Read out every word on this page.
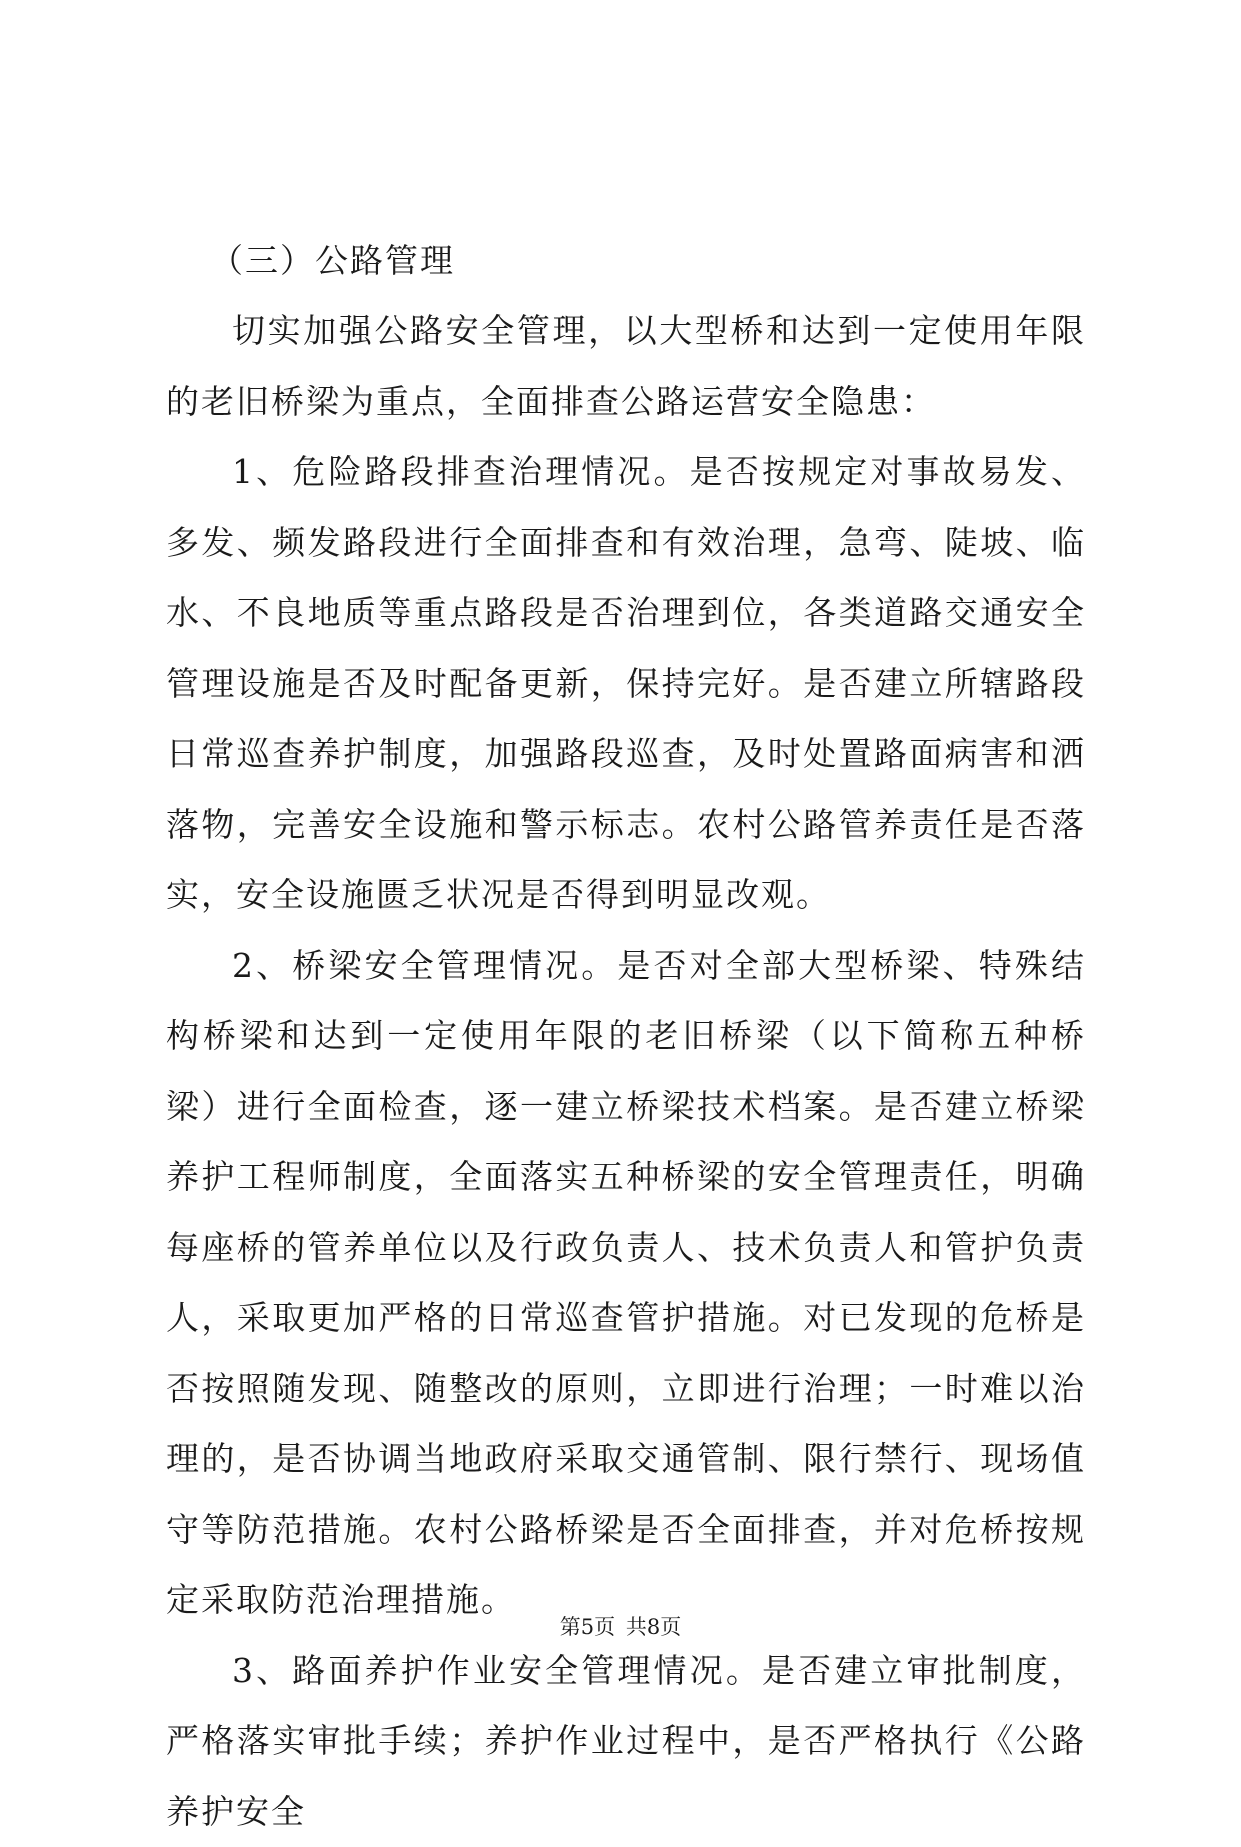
（三）公路管理

切实加强公路安全管理，以大型桥和达到一定使用年限的老旧桥梁为重点，全面排查公路运营安全隐患：

1、危险路段排查治理情况。是否按规定对事故易发、多发、频发路段进行全面排查和有效治理，急弯、陡坡、临水、不良地质等重点路段是否治理到位，各类道路交通安全管理设施是否及时配备更新，保持完好。是否建立所辖路段日常巡查养护制度，加强路段巡查，及时处置路面病害和洒落物，完善安全设施和警示标志。农村公路管养责任是否落实，安全设施匮乏状况是否得到明显改观。

2、桥梁安全管理情况。是否对全部大型桥梁、特殊结构桥梁和达到一定使用年限的老旧桥梁（以下简称五种桥梁）进行全面检查，逐一建立桥梁技术档案。是否建立桥梁养护工程师制度，全面落实五种桥梁的安全管理责任，明确每座桥的管养单位以及行政负责人、技术负责人和管护负责人，采取更加严格的日常巡查管护措施。对已发现的危桥是否按照随发现、随整改的原则，立即进行治理；一时难以治理的，是否协调当地政府采取交通管制、限行禁行、现场值守等防范措施。农村公路桥梁是否全面排查，并对危桥按规定采取防范治理措施。

3、路面养护作业安全管理情况。是否建立审批制度，严格落实审批手续；养护作业过程中，是否严格执行《公路养护安全

第5页 共8页
